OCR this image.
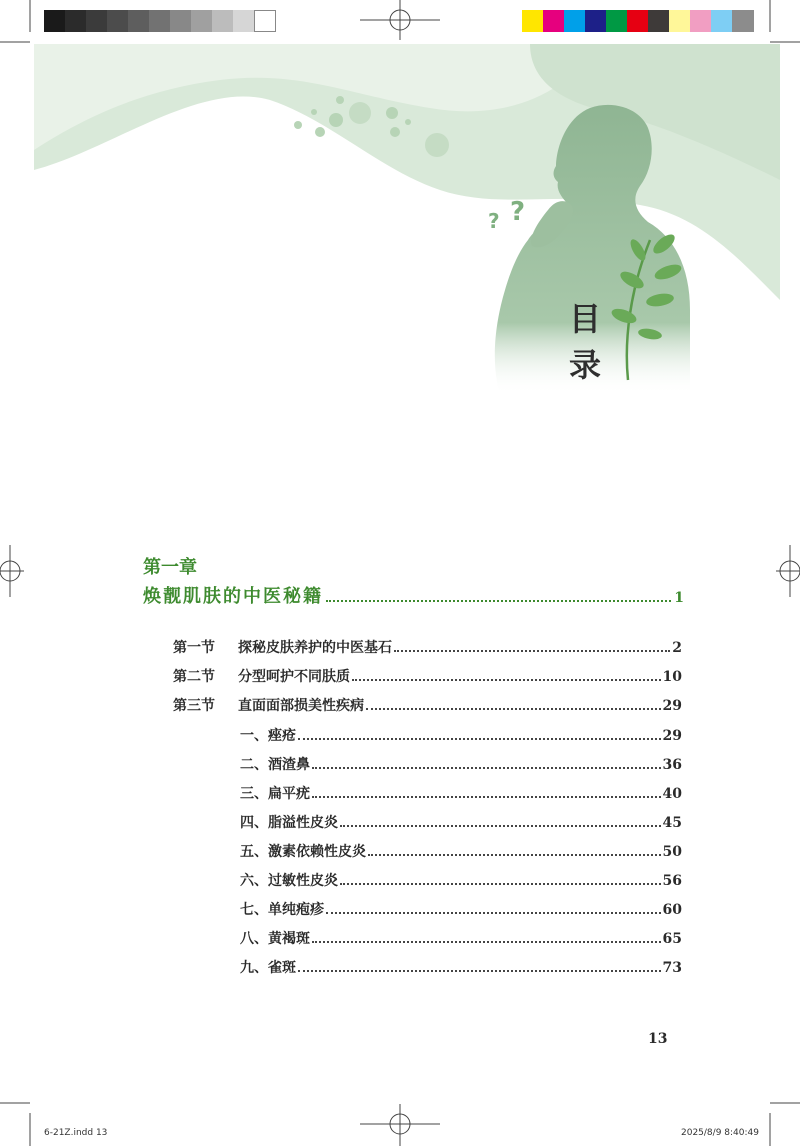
? ?
目
录
第一章
焕靓肌肤的中医秘籍	1
第一节 探秘皮肤养护的中医基石	2
第二节 分型呵护不同肤质	10
第三节 直面面部损美性疾病	29
一、痤疮	29
二、酒渣鼻	36
三、扁平疣	40
四、脂溢性皮炎	45
五、激素依赖性皮炎	50
六、过敏性皮炎	56
七、单纯疱疹	60
八、黄褐斑	65
九、雀斑	73
13
6-21Z.indd 13	2025/8/9 8:40:49
